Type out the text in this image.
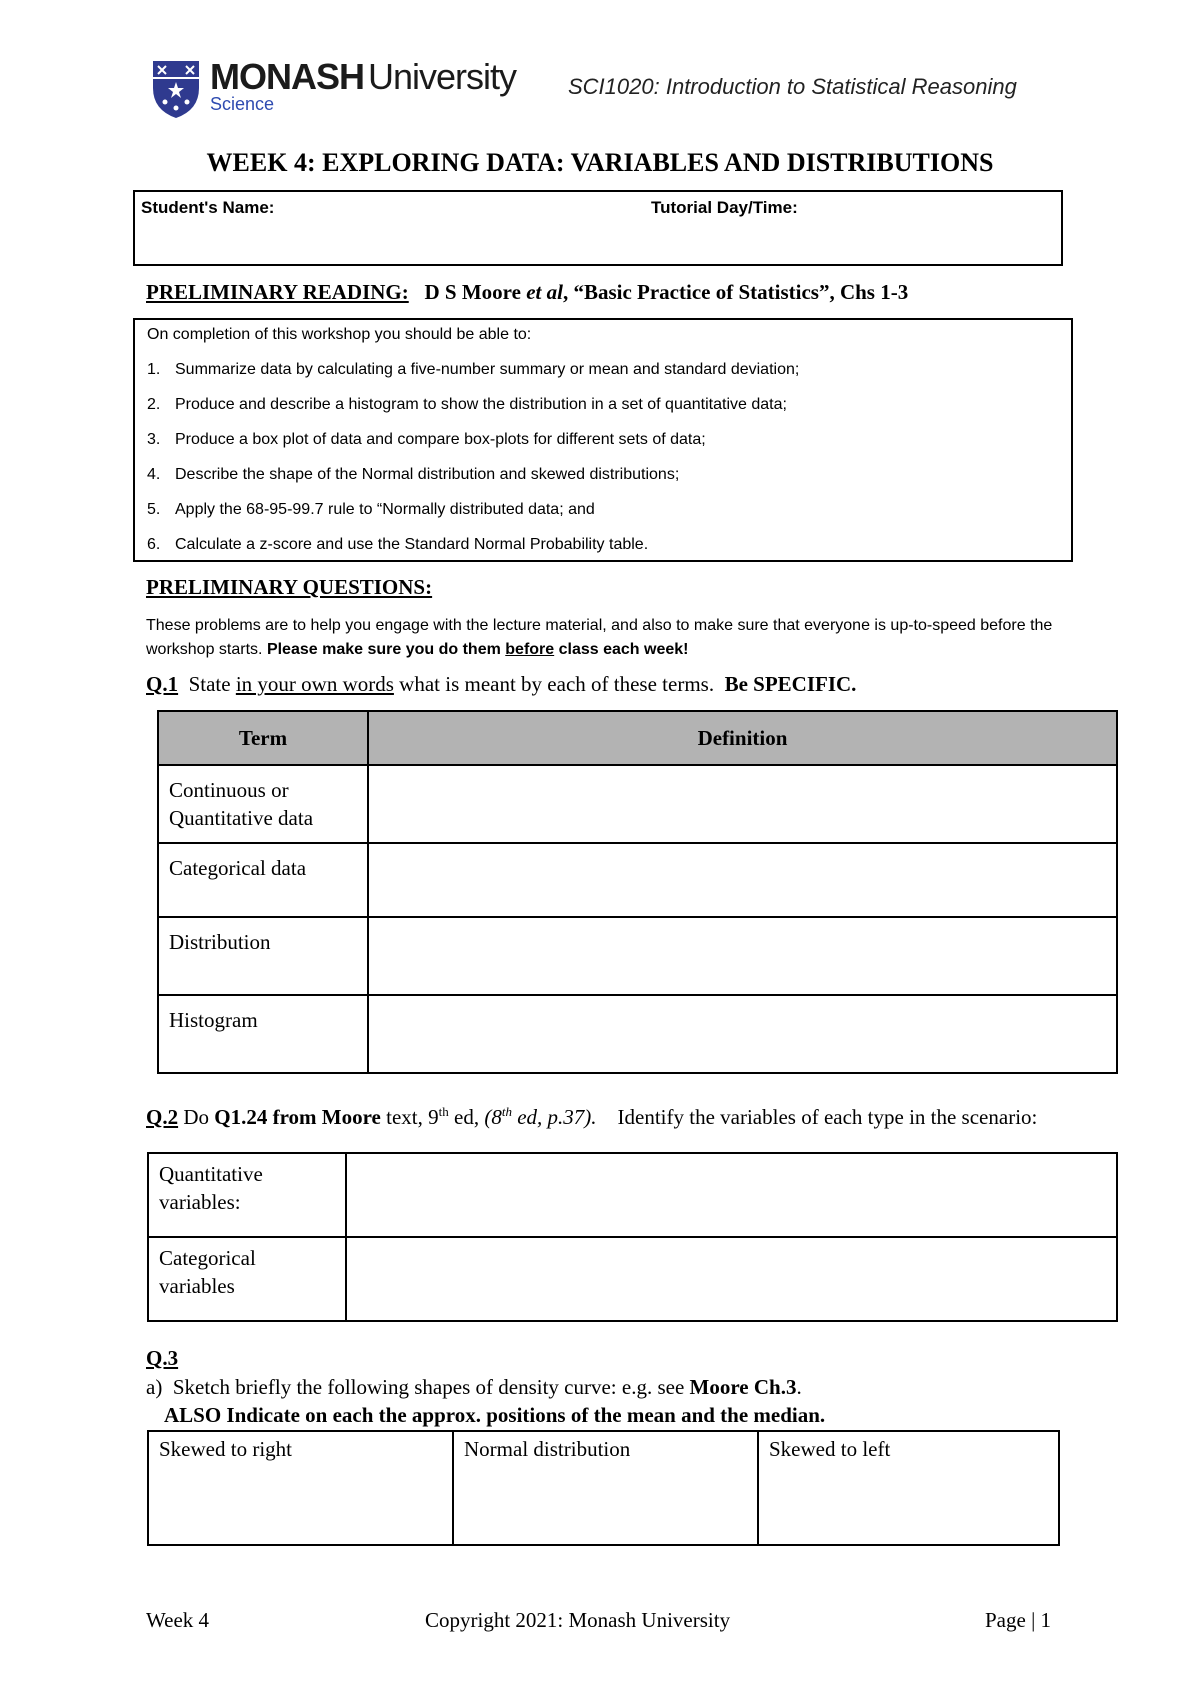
MONASH University
Science
SCI1020: Introduction to Statistical Reasoning
WEEK 4: EXPLORING DATA: VARIABLES AND DISTRIBUTIONS
Student's Name:	Tutorial Day/Time:
PRELIMINARY READING: D S Moore et al, “Basic Practice of Statistics”, Chs 1-3
On completion of this workshop you should be able to:
1. Summarize data by calculating a five-number summary or mean and standard deviation;
2. Produce and describe a histogram to show the distribution in a set of quantitative data;
3. Produce a box plot of data and compare box-plots for different sets of data;
4. Describe the shape of the Normal distribution and skewed distributions;
5. Apply the 68-95-99.7 rule to “Normally distributed data; and
6. Calculate a z-score and use the Standard Normal Probability table.
PRELIMINARY QUESTIONS:
These problems are to help you engage with the lecture material, and also to make sure that everyone is up-to-speed before the workshop starts. Please make sure you do them before class each week!
Q.1  State in your own words what is meant by each of these terms.  Be SPECIFIC.
Term	Definition

Continuous or
Quantitative data	

Categorical data	

Distribution	

Histogram	

Q.2 Do Q1.24 from Moore text, 9th ed, (8th ed, p.37).    Identify the variables of each type in the scenario:
Quantitative
variables:	

Categorical
variables	

Q.3
a)  Sketch briefly the following shapes of density curve: e.g. see Moore Ch.3.
ALSO Indicate on each the approx. positions of the mean and the median.
Skewed to right	Normal distribution	Skewed to left
Week 4	Copyright 2021: Monash University	Page | 1
